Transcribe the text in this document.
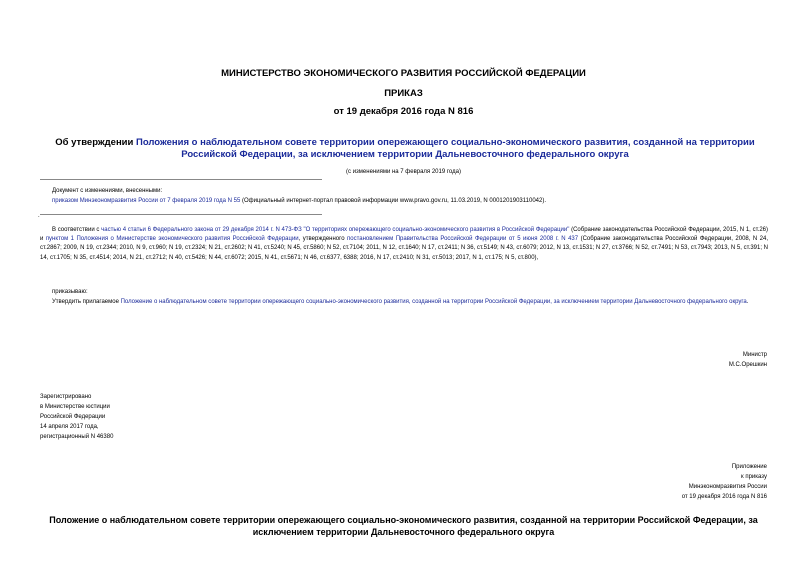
МИНИСТЕРСТВО ЭКОНОМИЧЕСКОГО РАЗВИТИЯ РОССИЙСКОЙ ФЕДЕРАЦИИ
ПРИКАЗ
от 19 декабря 2016 года N 816
Об утверждении Положения о наблюдательном совете территории опережающего социально-экономического развития, созданной на территории Российской Федерации, за исключением территории Дальневосточного федерального округа
(с изменениями на 7 февраля 2019 года)
Документ с изменениями, внесенными:
приказом Минэкономразвития России от 7 февраля 2019 года N 55 (Официальный интернет-портал правовой информации www.pravo.gov.ru, 11.03.2019, N 0001201903110042).
.
В соответствии с частью 4 статьи 6 Федерального закона от 29 декабря 2014 г. N 473-ФЗ "О территориях опережающего социально-экономического развития в Российской Федерации" (Собрание законодательства Российской Федерации, 2015, N 1, ст.26) и пунктом 1 Положения о Министерстве экономического развития Российской Федерации, утвержденного постановлением Правительства Российской Федерации от 5 июня 2008 г. N 437 (Собрание законодательства Российской Федерации, 2008, N 24, ст.2867; 2009, N 19, ст.2344; 2010, N 9, ст.960; N 19, ст.2324; N 21, ст.2602; N 41, ст.5240; N 45, ст.5860; N 52, ст.7104; 2011, N 12, ст.1640; N 17, ст.2411; N 36, ст.5149; N 43, ст.6079; 2012, N 13, ст.1531; N 27, ст.3766; N 52, ст.7491; N 53, ст.7943; 2013, N 5, ст.391; N 14, ст.1705; N 35, ст.4514; 2014, N 21, ст.2712; N 40, ст.5426; N 44, ст.6072; 2015, N 41, ст.5671; N 46, ст.6377, 6388; 2016, N 17, ст.2410; N 31, ст.5013; 2017, N 1, ст.175; N 5, ст.800),
приказываю:
Утвердить прилагаемое Положение о наблюдательном совете территории опережающего социально-экономического развития, созданной на территории Российской Федерации, за исключением территории Дальневосточного федерального округа.
Министр
М.С.Орешкин
Зарегистрировано
в Министерстве юстиции
Российской Федерации
14 апреля 2017 года,
регистрационный N 46380
Приложение
к приказу
Минэкономразвития России
от 19 декабря 2016 года N 816
Положение о наблюдательном совете территории опережающего социально-экономического развития, созданной на территории Российской Федерации, за исключением территории Дальневосточного федерального округа
